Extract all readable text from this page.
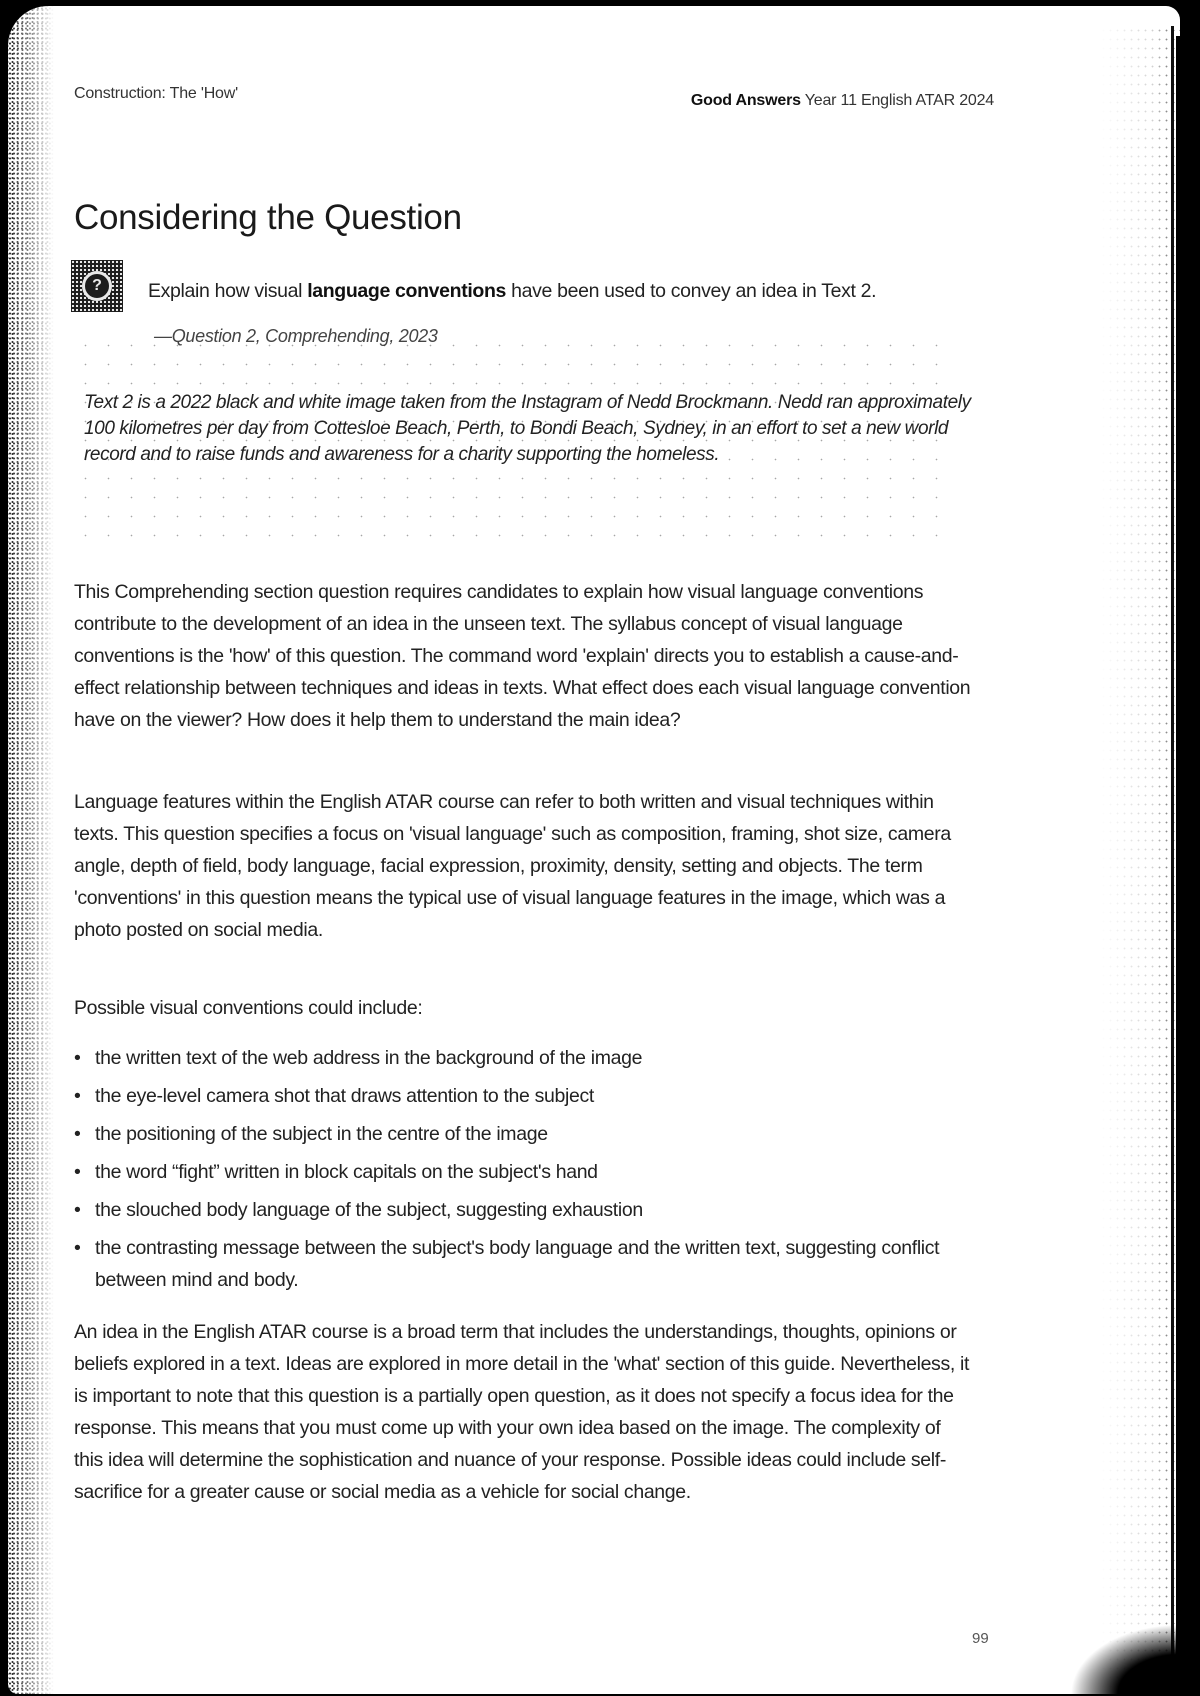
Construction: The 'How'	Good Answers Year 11 English ATAR 2024
Considering the Question
?	Explain how visual language conventions have been used to convey an idea in Text 2.
—Question 2, Comprehending, 2023
Text 2 is a 2022 black and white image taken from the Instagram of Nedd Brockmann. Nedd ran approximately 100 kilometres per day from Cottesloe Beach, Perth, to Bondi Beach, Sydney, in an effort to set a new world record and to raise funds and awareness for a charity supporting the homeless.

This Comprehending section question requires candidates to explain how visual language conventions contribute to the development of an idea in the unseen text. The syllabus concept of visual language conventions is the 'how' of this question. The command word 'explain' directs you to establish a cause-and-effect relationship between techniques and ideas in texts. What effect does each visual language convention have on the viewer? How does it help them to understand the main idea?

Language features within the English ATAR course can refer to both written and visual techniques within texts. This question specifies a focus on 'visual language' such as composition, framing, shot size, camera angle, depth of field, body language, facial expression, proximity, density, setting and objects. The term 'conventions' in this question means the typical use of visual language features in the image, which was a photo posted on social media.

Possible visual conventions could include:

• the written text of the web address in the background of the image
• the eye-level camera shot that draws attention to the subject
• the positioning of the subject in the centre of the image
• the word “fight” written in block capitals on the subject's hand
• the slouched body language of the subject, suggesting exhaustion
• the contrasting message between the subject's body language and the written text, suggesting conflict between mind and body.

An idea in the English ATAR course is a broad term that includes the understandings, thoughts, opinions or beliefs explored in a text. Ideas are explored in more detail in the 'what' section of this guide. Nevertheless, it is important to note that this question is a partially open question, as it does not specify a focus idea for the response. This means that you must come up with your own idea based on the image. The complexity of this idea will determine the sophistication and nuance of your response. Possible ideas could include self-sacrifice for a greater cause or social media as a vehicle for social change.

99
